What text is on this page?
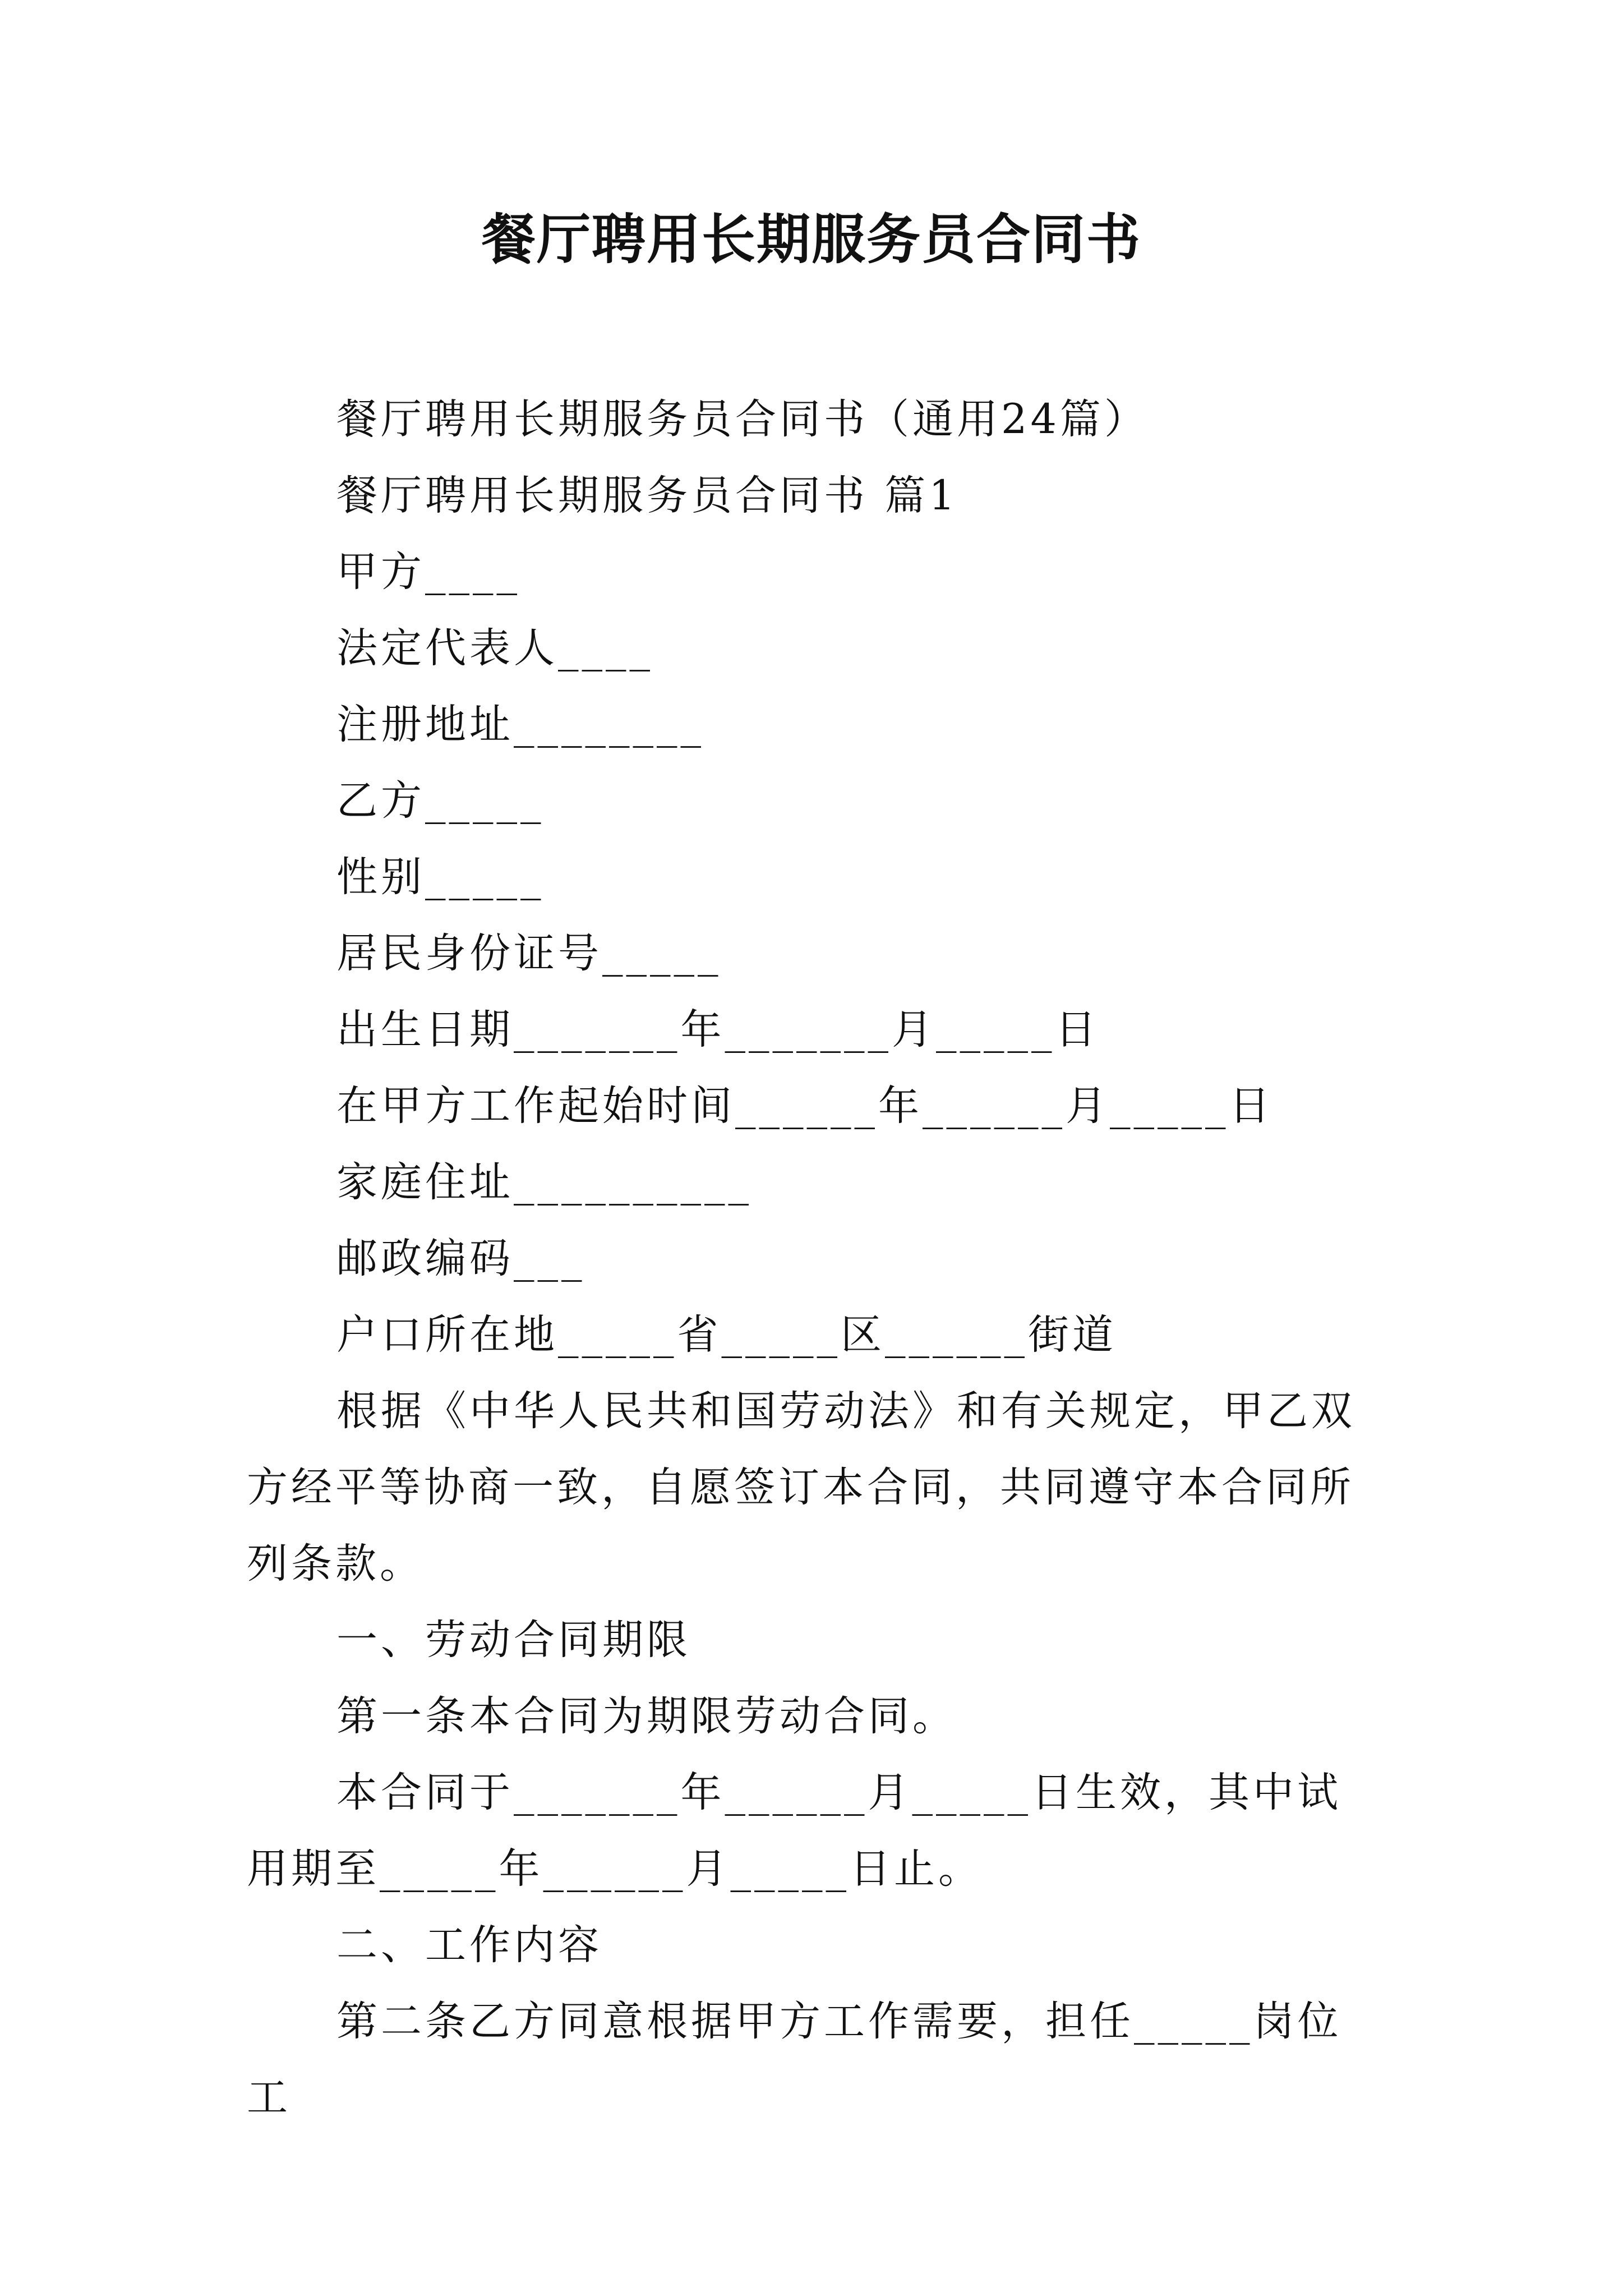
餐厅聘用长期服务员合同书

餐厅聘用长期服务员合同书（通用24篇）

餐厅聘用长期服务员合同书 篇1

甲方____

法定代表人____

注册地址________

乙方_____

性别_____

居民身份证号_____

出生日期_______年_______月_____日

在甲方工作起始时间______年______月_____日

家庭住址__________

邮政编码___

户口所在地_____省_____区______街道

根据《中华人民共和国劳动法》和有关规定，甲乙双方经平等协商一致，自愿签订本合同，共同遵守本合同所列条款。

一、劳动合同期限

第一条本合同为期限劳动合同。

本合同于_______年______月_____日生效，其中试用期至_____年______月_____日止。

二、工作内容

第二条乙方同意根据甲方工作需要，担任_____岗位工
